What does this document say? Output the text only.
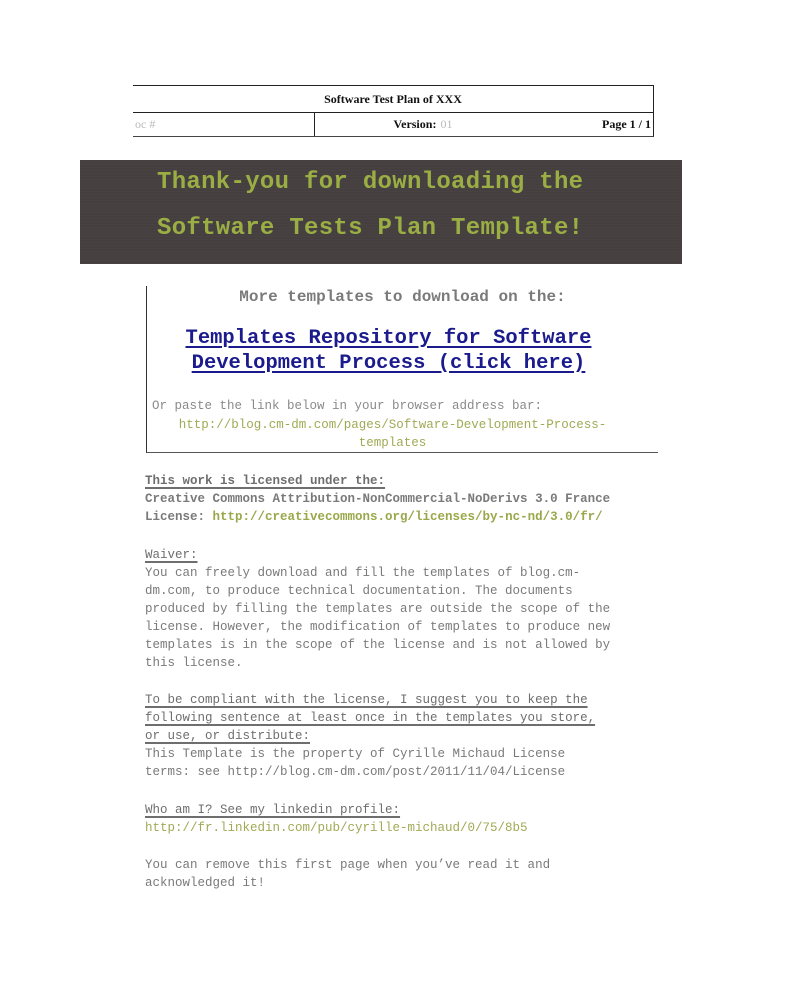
Software Test Plan of XXX
oc #	Version: 01	Page 1 / 1
Thank-you for downloading the
Software Tests Plan Template!
More templates to download on the:
Templates Repository for Software
Development Process (click here)
Or paste the link below in your browser address bar:
http://blog.cm-dm.com/pages/Software-Development-Process-
templates
This work is licensed under the:
Creative Commons Attribution-NonCommercial-NoDerivs 3.0 France
License: http://creativecommons.org/licenses/by-nc-nd/3.0/fr/
Waiver:
You can freely download and fill the templates of blog.cm-
dm.com, to produce technical documentation. The documents
produced by filling the templates are outside the scope of the
license. However, the modification of templates to produce new
templates is in the scope of the license and is not allowed by
this license.
To be compliant with the license, I suggest you to keep the
following sentence at least once in the templates you store,
or use, or distribute:
This Template is the property of Cyrille Michaud License
terms: see http://blog.cm-dm.com/post/2011/11/04/License
Who am I? See my linkedin profile:
http://fr.linkedin.com/pub/cyrille-michaud/0/75/8b5
You can remove this first page when you’ve read it and
acknowledged it!
